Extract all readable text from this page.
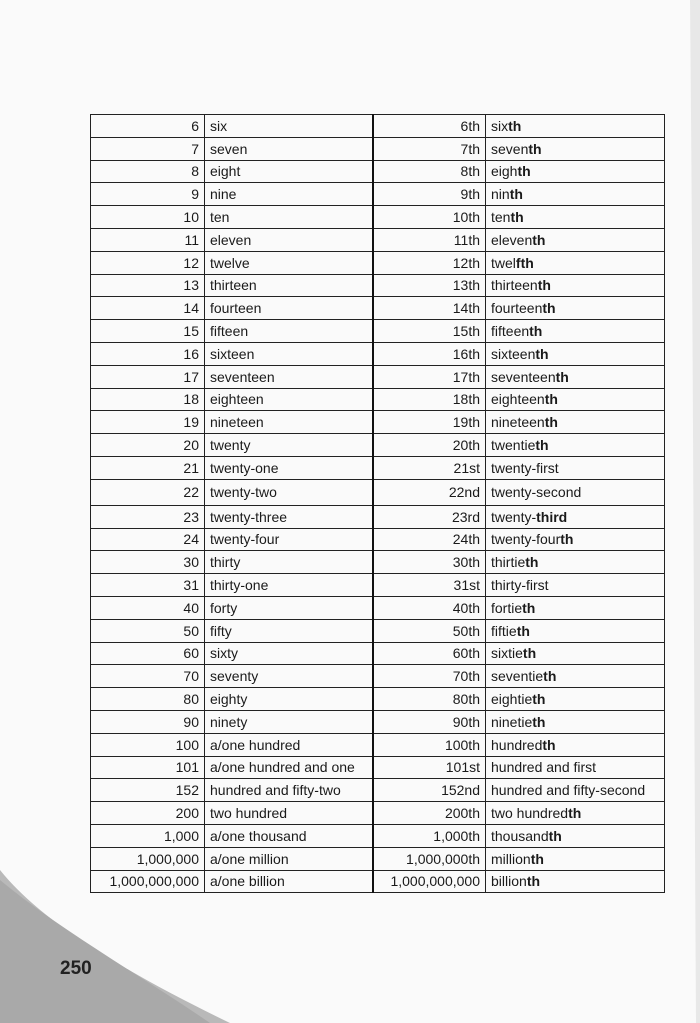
6	six	6th	sixth
7	seven	7th	seventh
8	eight	8th	eighth
9	nine	9th	ninth
10	ten	10th	tenth
11	eleven	11th	eleventh
12	twelve	12th	twelfth
13	thirteen	13th	thirteenth
14	fourteen	14th	fourteenth
15	fifteen	15th	fifteenth
16	sixteen	16th	sixteenth
17	seventeen	17th	seventeenth
18	eighteen	18th	eighteenth
19	nineteen	19th	nineteenth
20	twenty	20th	twentieth
21	twenty-one	21st	twenty-first
22	twenty-two	22nd	twenty-second
23	twenty-three	23rd	twenty-third
24	twenty-four	24th	twenty-fourth
30	thirty	30th	thirtieth
31	thirty-one	31st	thirty-first
40	forty	40th	fortieth
50	fifty	50th	fiftieth
60	sixty	60th	sixtieth
70	seventy	70th	seventieth
80	eighty	80th	eightieth
90	ninety	90th	ninetieth
100	a/one hundred	100th	hundredth
101	a/one hundred and one	101st	hundred and first
152	hundred and fifty-two	152nd	hundred and fifty-second
200	two hundred	200th	two hundredth
1,000	a/one thousand	1,000th	thousandth
1,000,000	a/one million	1,000,000th	millionth
1,000,000,000	a/one billion	1,000,000,000	billionth
250
